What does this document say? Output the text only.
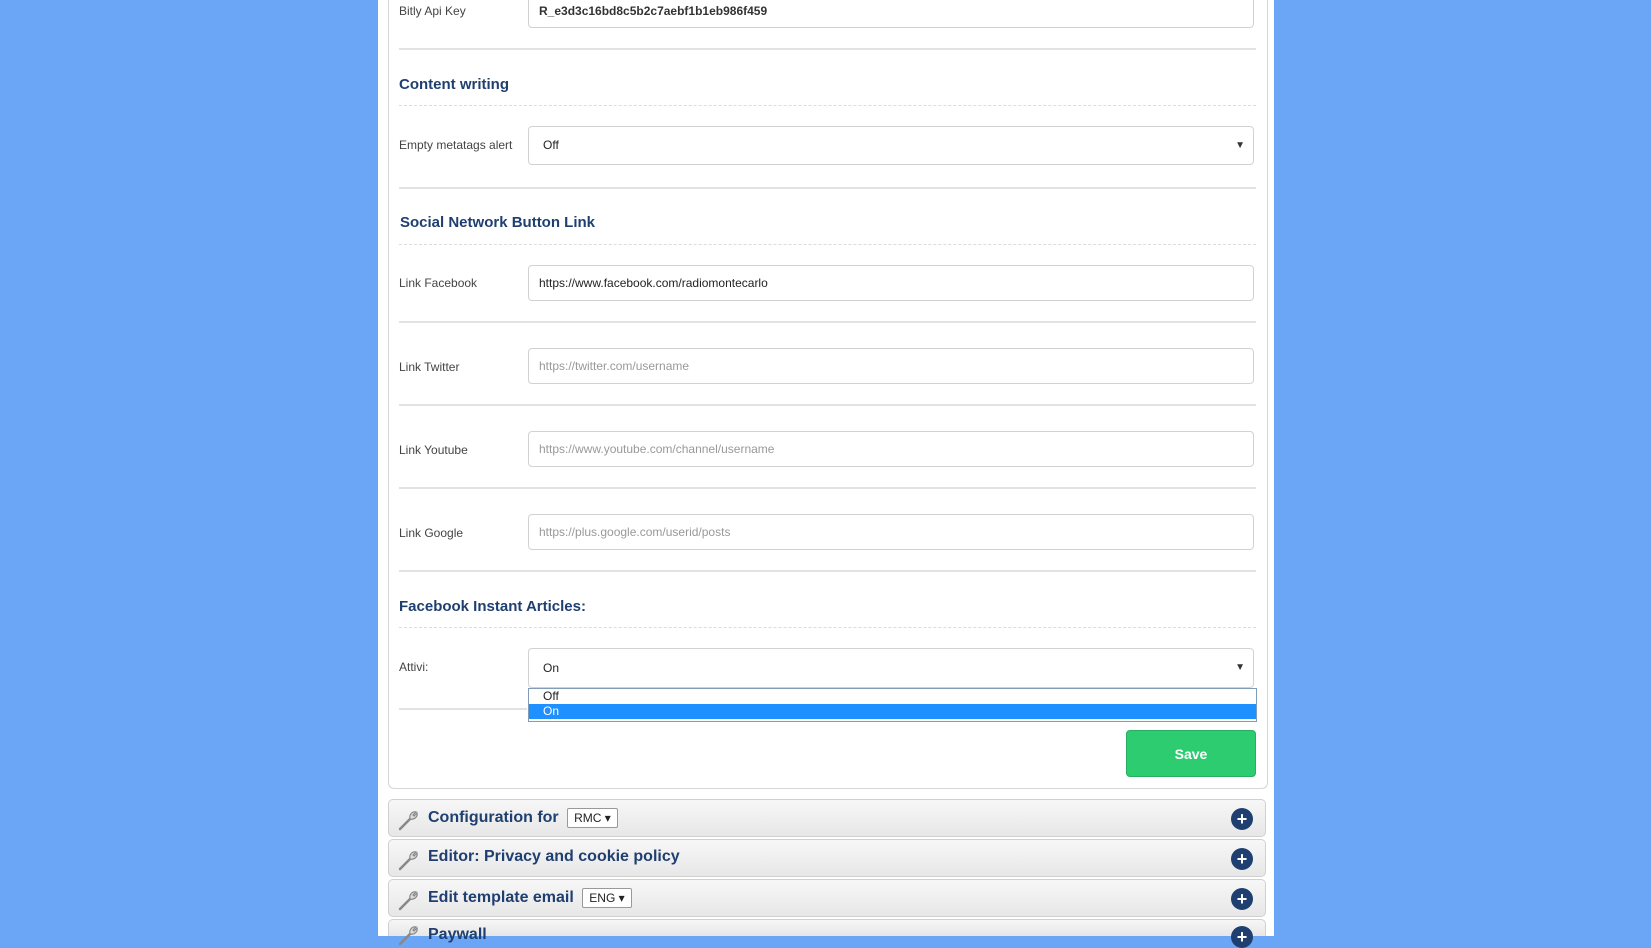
Bitly Api Key	R_e3d3c16bd8c5b2c7aebf1b1eb986f459
Content writing
Empty metatags alert	Off	▼
Social Network Button Link
Link Facebook	https://www.facebook.com/radiomontecarlo
Link Twitter	https://twitter.com/username
Link Youtube	https://www.youtube.com/channel/username
Link Google	https://plus.google.com/userid/posts
Facebook Instant Articles:
Attivi:	On	▼
Off
On
Save
Configuration for RMC ▾	+
Editor: Privacy and cookie policy	+
Edit template email ENG ▾	+
Paywall	+
